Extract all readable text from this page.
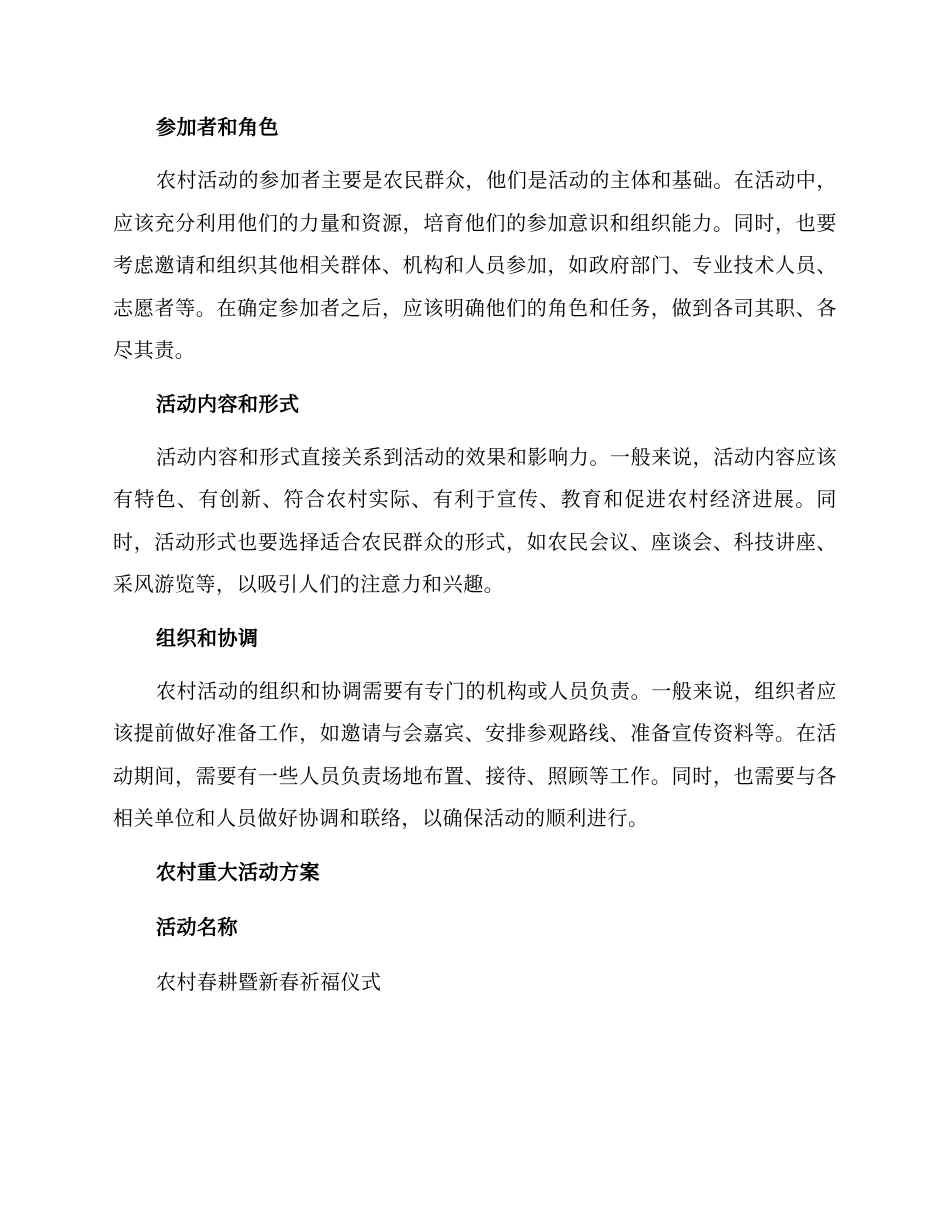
参加者和角色

农村活动的参加者主要是农民群众，他们是活动的主体和基础。在活动中，应该充分利用他们的力量和资源，培育他们的参加意识和组织能力。同时，也要考虑邀请和组织其他相关群体、机构和人员参加，如政府部门、专业技术人员、志愿者等。在确定参加者之后，应该明确他们的角色和任务，做到各司其职、各尽其责。

活动内容和形式

活动内容和形式直接关系到活动的效果和影响力。一般来说，活动内容应该有特色、有创新、符合农村实际、有利于宣传、教育和促进农村经济进展。同时，活动形式也要选择适合农民群众的形式，如农民会议、座谈会、科技讲座、采风游览等，以吸引人们的注意力和兴趣。

组织和协调

农村活动的组织和协调需要有专门的机构或人员负责。一般来说，组织者应该提前做好准备工作，如邀请与会嘉宾、安排参观路线、准备宣传资料等。在活动期间，需要有一些人员负责场地布置、接待、照顾等工作。同时，也需要与各相关单位和人员做好协调和联络，以确保活动的顺利进行。

农村重大活动方案

活动名称

农村春耕暨新春祈福仪式
